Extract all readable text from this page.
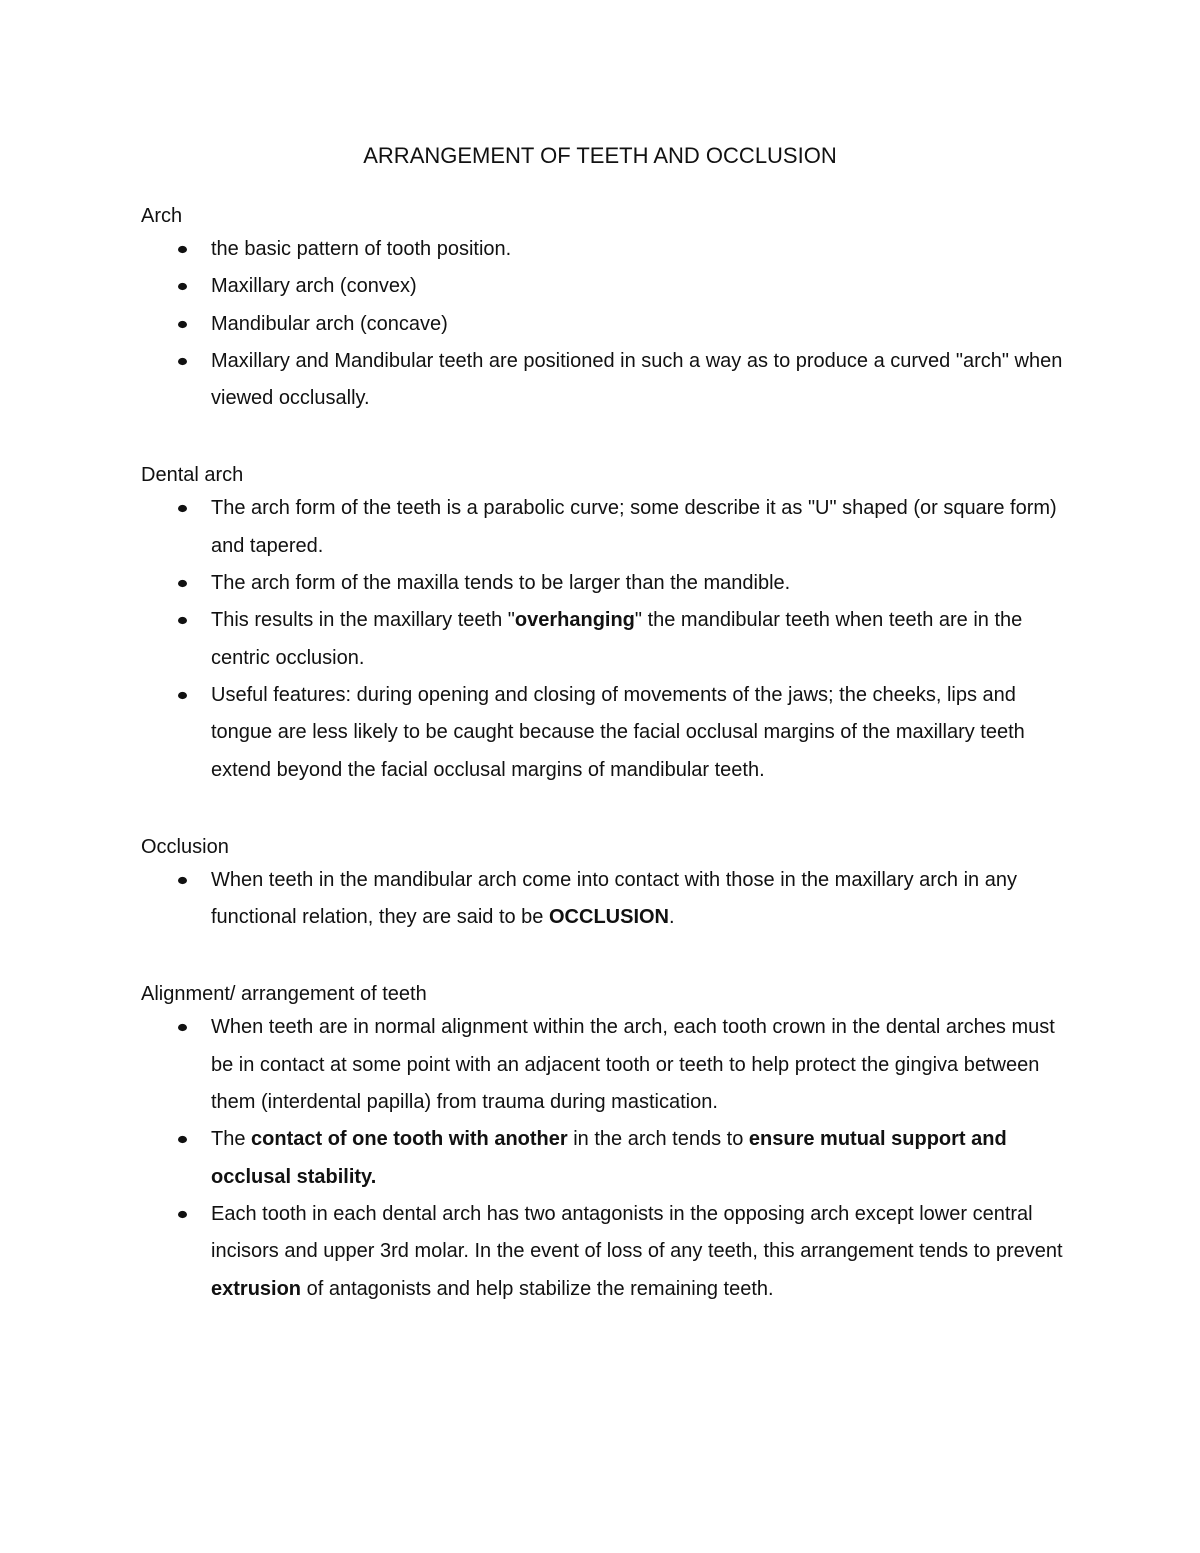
ARRANGEMENT OF TEETH AND OCCLUSION

Arch

the basic pattern of tooth position.
Maxillary arch (convex)
Mandibular arch (concave)
Maxillary and Mandibular teeth are positioned in such a way as to produce a curved "arch" when viewed occlusally.

Dental arch

The arch form of the teeth is a parabolic curve; some describe it as "U" shaped (or square form) and tapered.
The arch form of the maxilla tends to be larger than the mandible.
This results in the maxillary teeth "overhanging" the mandibular teeth when teeth are in the centric occlusion.
Useful features: during opening and closing of movements of the jaws; the cheeks, lips and tongue are less likely to be caught because the facial occlusal margins of the maxillary teeth extend beyond the facial occlusal margins of mandibular teeth.

Occlusion

When teeth in the mandibular arch come into contact with those in the maxillary arch in any functional relation, they are said to be OCCLUSION.

Alignment/ arrangement of teeth

When teeth are in normal alignment within the arch, each tooth crown in the dental arches must be in contact at some point with an adjacent tooth or teeth to help protect the gingiva between them (interdental papilla) from trauma during mastication.
The contact of one tooth with another in the arch tends to ensure mutual support and occlusal stability.
Each tooth in each dental arch has two antagonists in the opposing arch except lower central incisors and upper 3rd molar. In the event of loss of any teeth, this arrangement tends to prevent extrusion of antagonists and help stabilize the remaining teeth.
